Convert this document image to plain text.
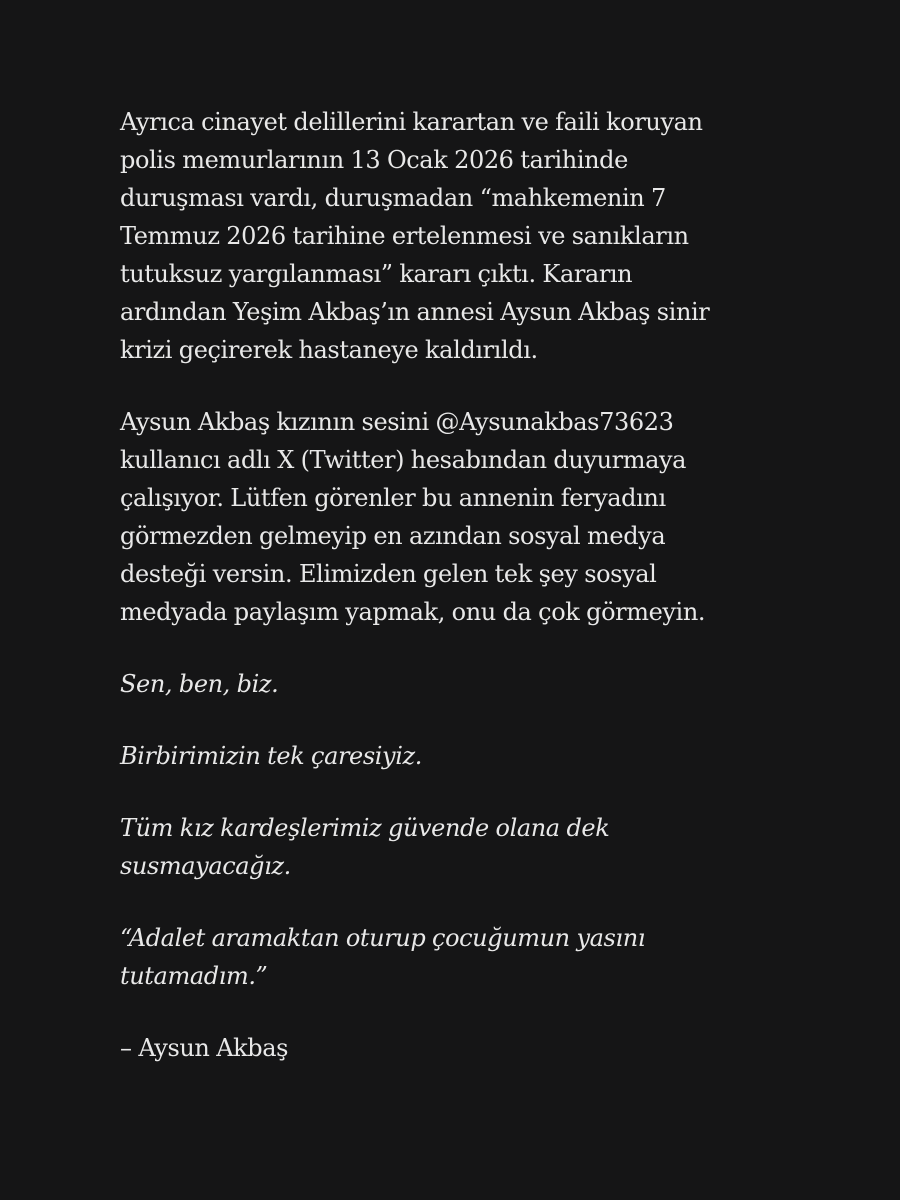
Ayrıca cinayet delillerini karartan ve faili koruyan
polis memurlarının 13 Ocak 2026 tarihinde
duruşması vardı, duruşmadan “mahkemenin 7
Temmuz 2026 tarihine ertelenmesi ve sanıkların
tutuksuz yargılanması” kararı çıktı. Kararın
ardından Yeşim Akbaş’ın annesi Aysun Akbaş sinir
krizi geçirerek hastaneye kaldırıldı.

Aysun Akbaş kızının sesini @Aysunakbas73623
kullanıcı adlı X (Twitter) hesabından duyurmaya
çalışıyor. Lütfen görenler bu annenin feryadını
görmezden gelmeyip en azından sosyal medya
desteği versin. Elimizden gelen tek şey sosyal
medyada paylaşım yapmak, onu da çok görmeyin.

Sen, ben, biz.

Birbirimizin tek çaresiyiz.

Tüm kız kardeşlerimiz güvende olana dek
susmayacağız.

“Adalet aramaktan oturup çocuğumun yasını
tutamadım.”

– Aysun Akbaş
